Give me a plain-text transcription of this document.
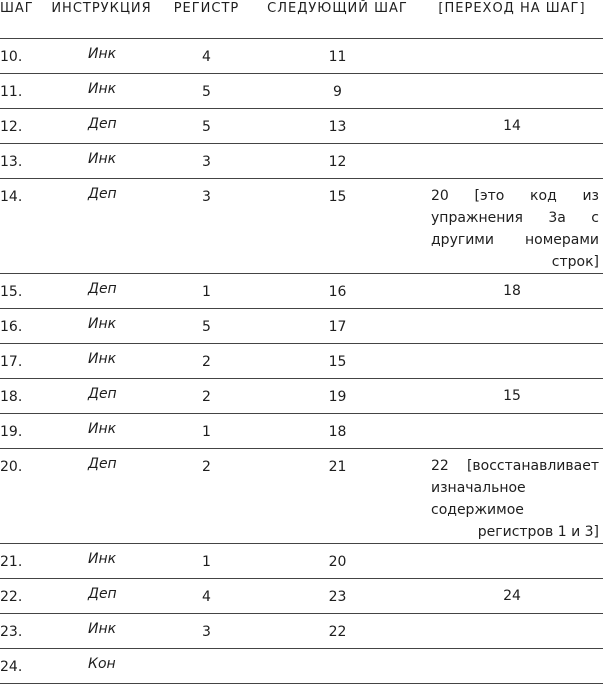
ШАГ	ИНСТРУКЦИЯ	РЕГИСТР	СЛЕДУЮЩИЙ ШАГ	[ПЕРЕХОД НА ШАГ]
10.	Инк	4	11	
11.	Инк	5	9	
12.	Деп	5	13	14
13.	Инк	3	12	
14.	Деп	3	15	20 [это код из упражнения 3а с другими номерами строк]
15.	Деп	1	16	18
16.	Инк	5	17	
17.	Инк	2	15	
18.	Деп	2	19	15
19.	Инк	1	18	
20.	Деп	2	21	22 [восстанавливает изначальное содержимое регистров 1 и 3]
21.	Инк	1	20	
22.	Деп	4	23	24
23.	Инк	3	22	
24.	Кон			
